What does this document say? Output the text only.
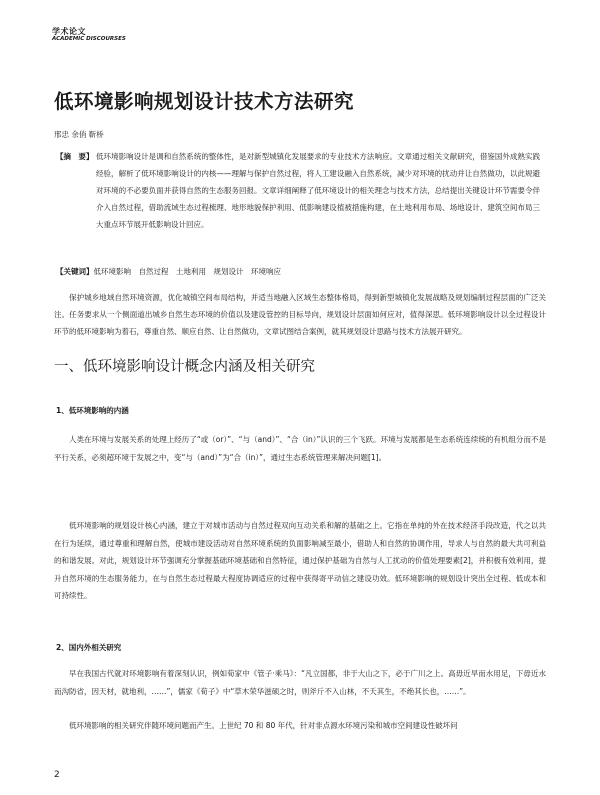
学术论文
ACADEMIC DISCOURSES
低环境影响规划设计技术方法研究
邢忠 余俏 靳桥
【摘　要】 低环境影响设计是调和自然系统的整体性，是对新型城镇化发展要求的专业技术方法响应。文章通过相关文献研究，借鉴国外成熟实践经验，解析了低环境影响设计的内核——理解与保护自然过程，将人工建设融入自然系统，减少对环境的扰动并让自然做功，以此规避对环境的不必要负面并获得自然的生态服务回报。文章详细阐释了低环境设计的相关理念与技术方法，总结提出关键设计环节需要令伴介入自然过程，借助流域生态过程梳理、地形地貌保护利用、低影响建设植被措施构建，在土地利用布局、场地设计、建筑空间布局三大重点环节展开低影响设计回应。
【关键词】低环境影响　自然过程　土地利用　规划设计　环境响应

保护城乡地域自然环境资源，优化城镇空间布局结构，并适当地融入区域生态整体格局，得到新型城镇化发展战略及规划编制过程层面的广泛关注。任务要求从一个侧面道出城乡自然生态环境的价值以及建设管控的目标导向，规划设计层面如何应对，值得深思。低环境影响设计以全过程设计环节的低环境影响为着石，尊重自然、顺应自然、让自然做功，文章试图结合案例，就其规划设计思路与技术方法展开研究。

一、低环境影响设计概念内涵及相关研究
1、低环境影响的内涵

人类在环境与发展关系的处理上经历了“或（or）”、“与（and）”、“合（in）”认识的三个飞跃。环境与发展都是生态系统连续统的有机组分而不是平行关系，必须超环境于发展之中，变“与（and）”为“合（in）”，通过生态系统管理来解决问题[1]。

低环境影响的规划设计核心内涵，建立于对城市活动与自然过程双向互动关系和解的基础之上。它指在单纯的外在技术经济手段改造，代之以共在行为延续，通过尊重和理解自然，使城市建设活动对自然环境系统的负面影响减至最小，借助人和自然的协调作用，导求人与自然的最大共可利益的和谐发展。对此，规划设计环节强调充分掌握基础环境基础和自然特征，通过保护基础为自然与人工扰动的价值处理要素[2]，并积极有效利用，提升自然环境的生态服务能力，在与自然生态过程最大程度协调适应的过程中获得寄平动信之建设功效。低环境影响的规划设计突出全过程、低成本和可持续性。

2、国内外相关研究

早在我国古代就对环境影响有着深刻认识，例如荀家中《管子·乘马》：“凡立国都，非于大山之下，必于广川之上。高毋近旱而水用足，下毋近水而沟防省，因天材，就地利，……”，儒家《荀子》中“草木荣华滋硕之时，则斧斤不入山林，不夭其生，不绝其长也，……”。

低环境影响的相关研究伴随环境问题而产生。上世纪 70 和 80 年代，针对非点源水环境污染和城市空间建设性破坏问

2
